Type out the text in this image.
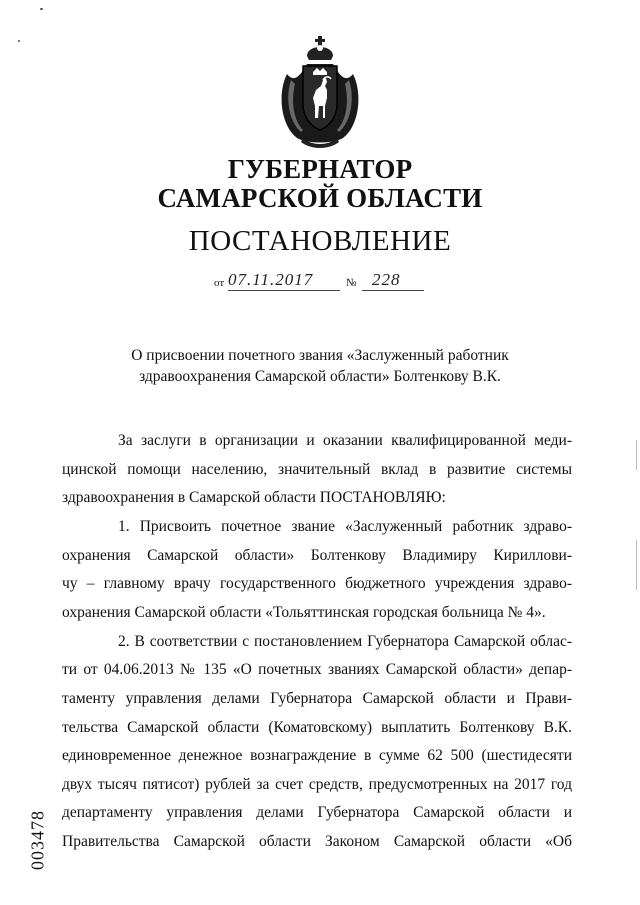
ГУБЕРНАТОР
САМАРСКОЙ ОБЛАСТИ
ПОСТАНОВЛЕНИЕ
от 07.11.2017	№ 228
О присвоении почетного звания «Заслуженный работник
здравоохранения Самарской области» Болтенкову В.К.
За заслуги в организации и оказании квалифицированной меди-
цинской помощи населению, значительный вклад в развитие системы
здравоохранения в Самарской области ПОСТАНОВЛЯЮ:
1. Присвоить почетное звание «Заслуженный работник здраво-
охранения Самарской области» Болтенкову Владимиру Кириллови-
чу – главному врачу государственного бюджетного учреждения здраво-
охранения Самарской области «Тольяттинская городская больница № 4».
2. В соответствии с постановлением Губернатора Самарской облас-
ти от 04.06.2013 № 135 «О почетных званиях Самарской области» депар-
таменту управления делами Губернатора Самарской области и Прави-
тельства Самарской области (Коматовскому) выплатить Болтенкову В.К.
единовременное денежное вознаграждение в сумме 62 500 (шестидесяти
двух тысяч пятисот) рублей за счет средств, предусмотренных на 2017 год
департаменту управления делами Губернатора Самарской области и
Правительства Самарской области Законом Самарской области «Об
003478
